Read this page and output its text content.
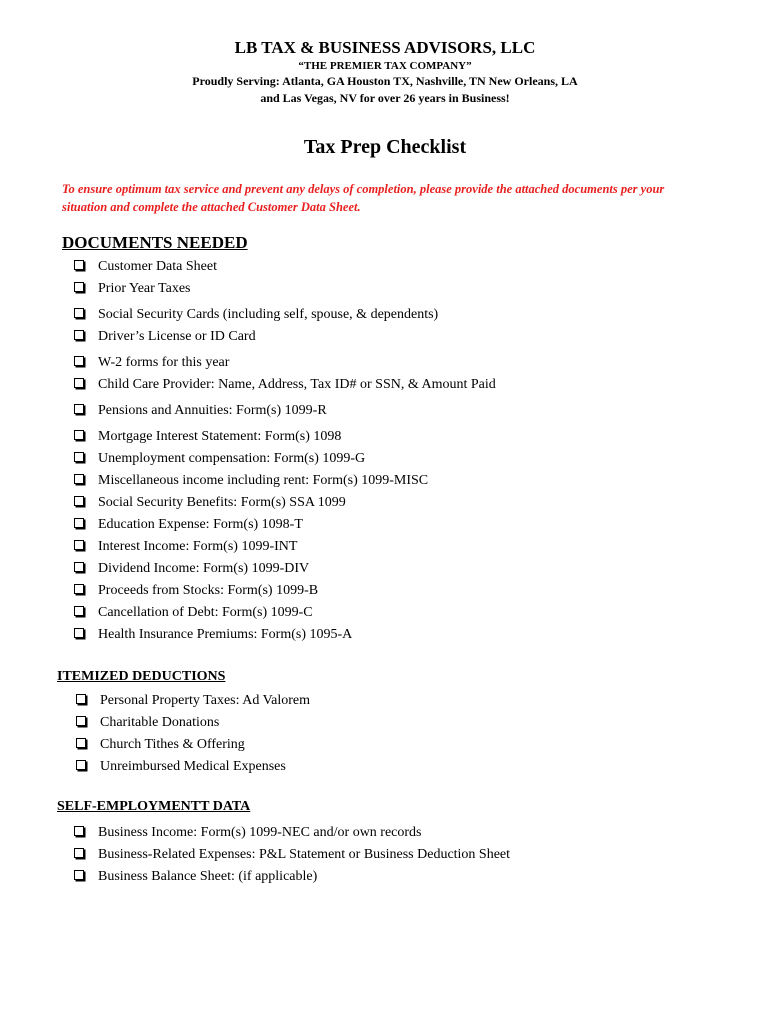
LB TAX & BUSINESS ADVISORS, LLC
“THE PREMIER TAX COMPANY”
Proudly Serving: Atlanta, GA Houston TX, Nashville, TN New Orleans, LA
and Las Vegas, NV for over 26 years in Business!
Tax Prep Checklist
To ensure optimum tax service and prevent any delays of completion, please provide the attached documents per your situation and complete the attached Customer Data Sheet.
DOCUMENTS NEEDED
Customer Data Sheet
Prior Year Taxes
Social Security Cards (including self, spouse, & dependents)
Driver’s License or ID Card
W-2 forms for this year
Child Care Provider: Name, Address, Tax ID# or SSN, & Amount Paid
Pensions and Annuities: Form(s) 1099-R
Mortgage Interest Statement: Form(s) 1098
Unemployment compensation: Form(s) 1099-G
Miscellaneous income including rent: Form(s) 1099-MISC
Social Security Benefits: Form(s) SSA 1099
Education Expense: Form(s) 1098-T
Interest Income: Form(s) 1099-INT
Dividend Income: Form(s) 1099-DIV
Proceeds from Stocks: Form(s) 1099-B
Cancellation of Debt: Form(s) 1099-C
Health Insurance Premiums: Form(s) 1095-A
ITEMIZED DEDUCTIONS
Personal Property Taxes: Ad Valorem
Charitable Donations
Church Tithes & Offering
Unreimbursed Medical Expenses
SELF-EMPLOYMENTT DATA
Business Income: Form(s) 1099-NEC and/or own records
Business-Related Expenses: P&L Statement or Business Deduction Sheet
Business Balance Sheet: (if applicable)
